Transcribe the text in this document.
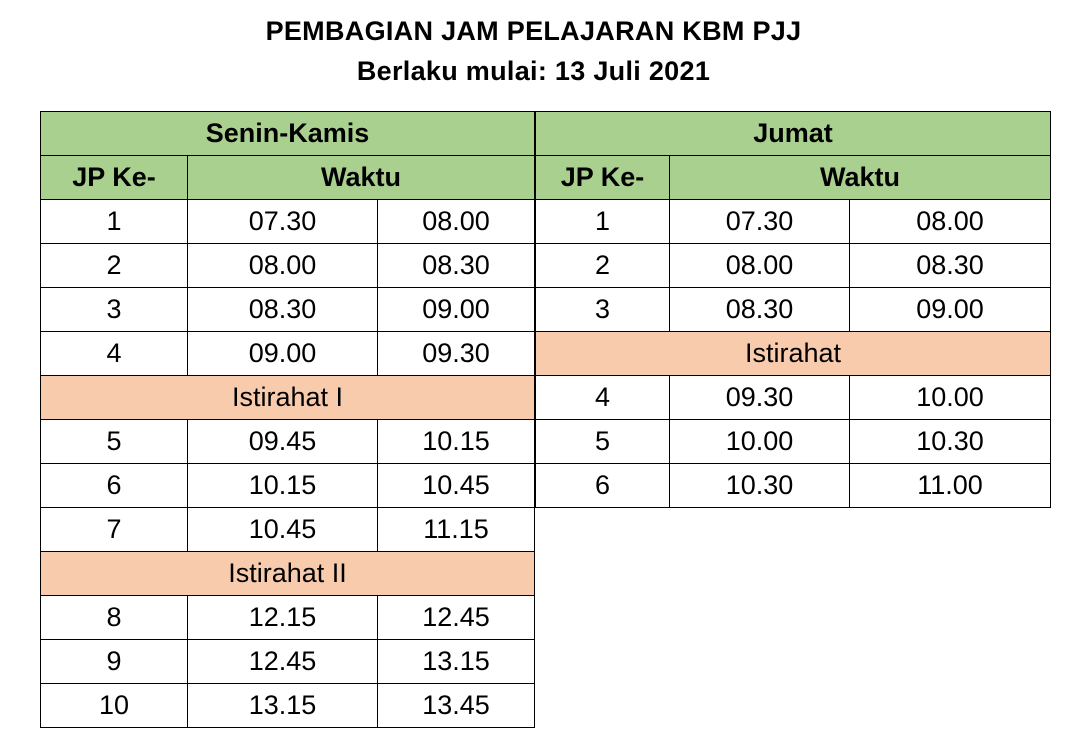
PEMBAGIAN JAM PELAJARAN KBM PJJ
Berlaku mulai: 13 Juli 2021
Senin-Kamis		
JP Ke-	Waktu	
1	07.30	08.00
2	08.00	08.30
3	08.30	09.00
4	09.00	09.30
Istirahat I		
5	09.45	10.15
6	10.15	10.45
7	10.45	11.15
Istirahat II		
8	12.15	12.45
9	12.45	13.15
10	13.15	13.45
Jumat		
JP Ke-	Waktu	
1	07.30	08.00
2	08.00	08.30
3	08.30	09.00
Istirahat		
4	09.30	10.00
5	10.00	10.30
6	10.30	11.00
